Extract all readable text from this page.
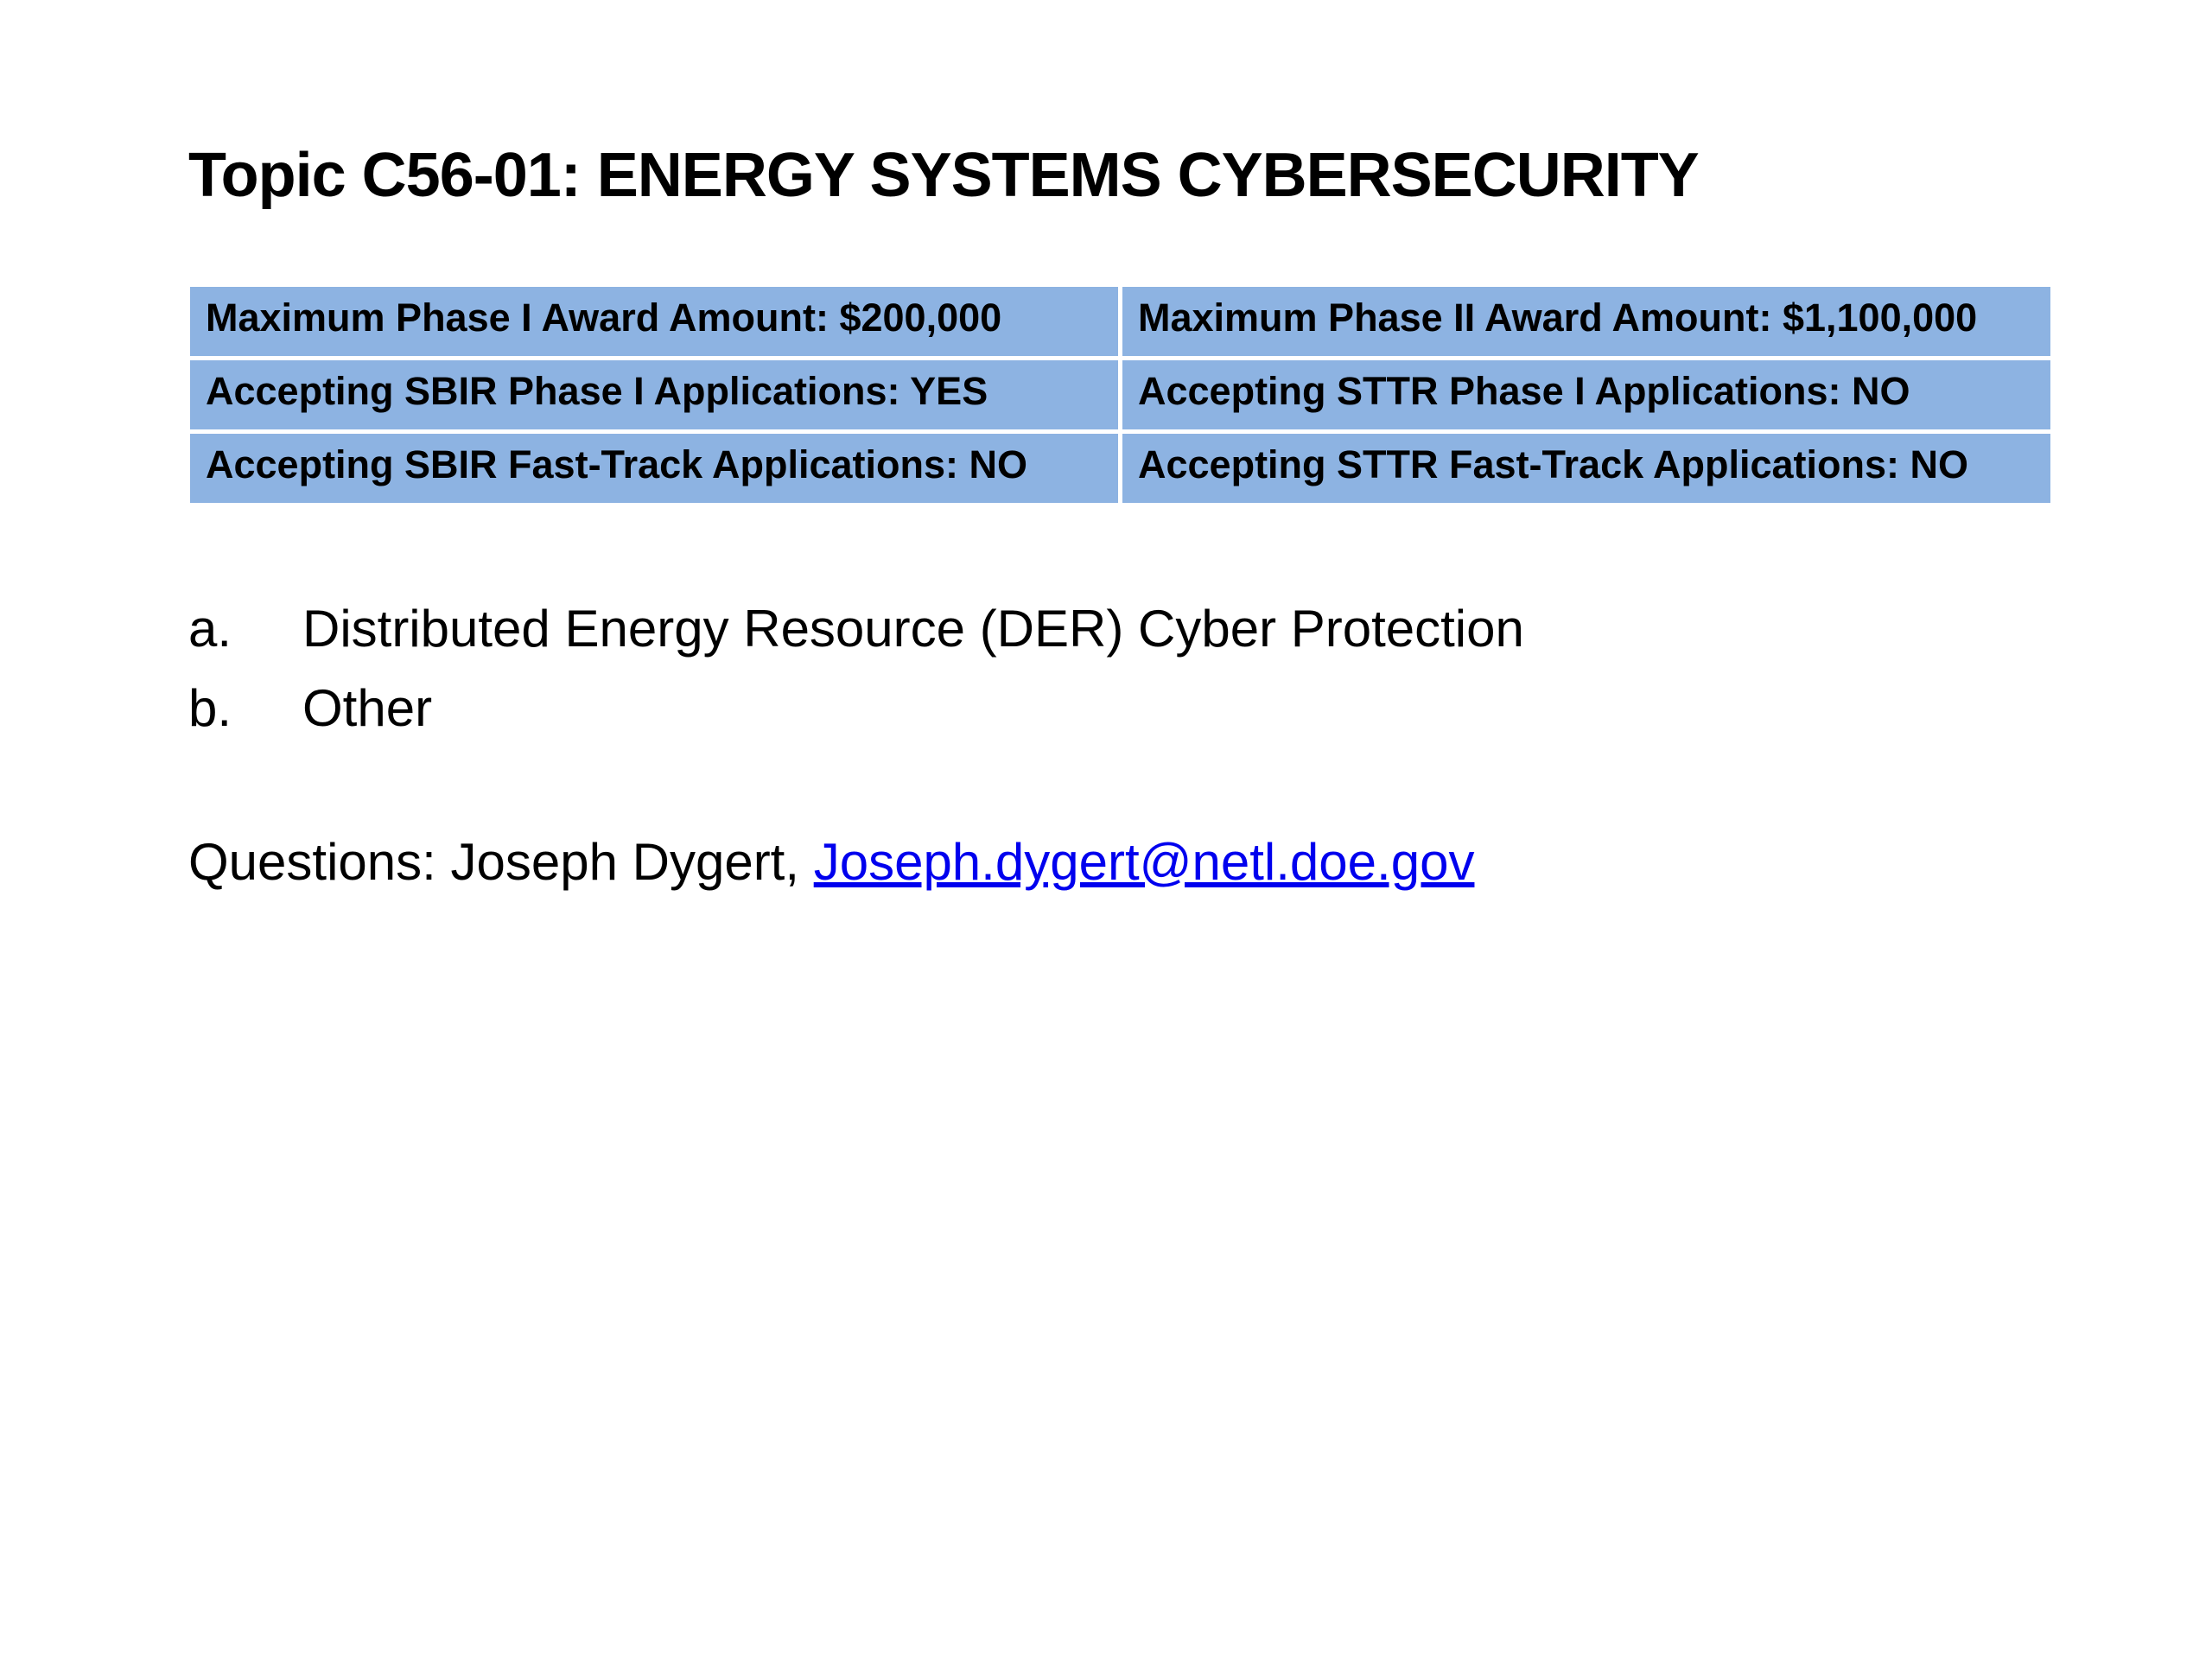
Topic C56-01: ENERGY SYSTEMS CYBERSECURITY
Maximum Phase I Award Amount: $200,000	Maximum Phase II Award Amount: $1,100,000
Accepting SBIR Phase I Applications: YES	Accepting STTR Phase I Applications: NO
Accepting SBIR Fast-Track Applications: NO	Accepting STTR Fast-Track Applications: NO
a. Distributed Energy Resource (DER) Cyber Protection
b. Other
Questions: Joseph Dygert, Joseph.dygert@netl.doe.gov
